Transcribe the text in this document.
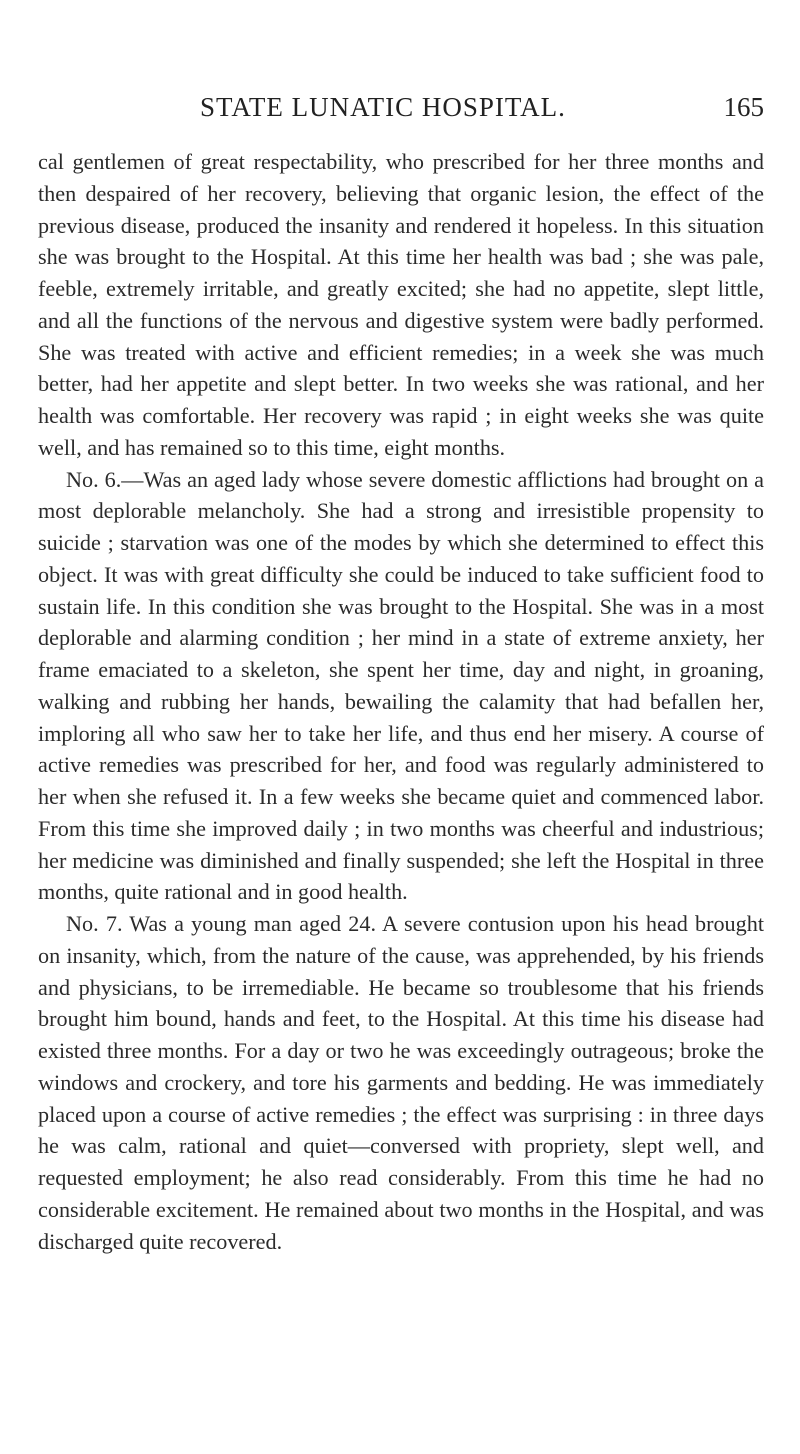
STATE LUNATIC HOSPITAL.	165

cal gentlemen of great respectability, who prescribed for her three months and then despaired of her recovery, believing that organic lesion, the effect of the previous disease, produced the insanity and rendered it hopeless. In this situation she was brought to the Hospital. At this time her health was bad ; she was pale, feeble, extremely irritable, and greatly excited; she had no appetite, slept little, and all the functions of the nervous and digestive system were badly performed. She was treated with active and efficient remedies; in a week she was much better, had her appetite and slept better. In two weeks she was rational, and her health was comfortable. Her recovery was rapid ; in eight weeks she was quite well, and has remained so to this time, eight months.

No. 6.—Was an aged lady whose severe domestic afflictions had brought on a most deplorable melancholy. She had a strong and irresistible propensity to suicide ; starvation was one of the modes by which she determined to effect this object. It was with great difficulty she could be induced to take sufficient food to sustain life. In this condition she was brought to the Hospital. She was in a most deplorable and alarming condition ; her mind in a state of extreme anxiety, her frame emaciated to a skeleton, she spent her time, day and night, in groaning, walking and rubbing her hands, bewailing the calamity that had befallen her, imploring all who saw her to take her life, and thus end her misery. A course of active remedies was prescribed for her, and food was regularly administered to her when she refused it. In a few weeks she became quiet and commenced labor. From this time she improved daily ; in two months was cheerful and industrious; her medicine was diminished and finally suspended; she left the Hospital in three months, quite rational and in good health.

No. 7. Was a young man aged 24. A severe contusion upon his head brought on insanity, which, from the nature of the cause, was apprehended, by his friends and physicians, to be irremediable. He became so troublesome that his friends brought him bound, hands and feet, to the Hospital. At this time his disease had existed three months. For a day or two he was exceedingly outrageous; broke the windows and crockery, and tore his garments and bedding. He was immediately placed upon a course of active remedies ; the effect was surprising : in three days he was calm, rational and quiet—conversed with propriety, slept well, and requested employment; he also read considerably. From this time he had no considerable excitement. He remained about two months in the Hospital, and was discharged quite recovered.
